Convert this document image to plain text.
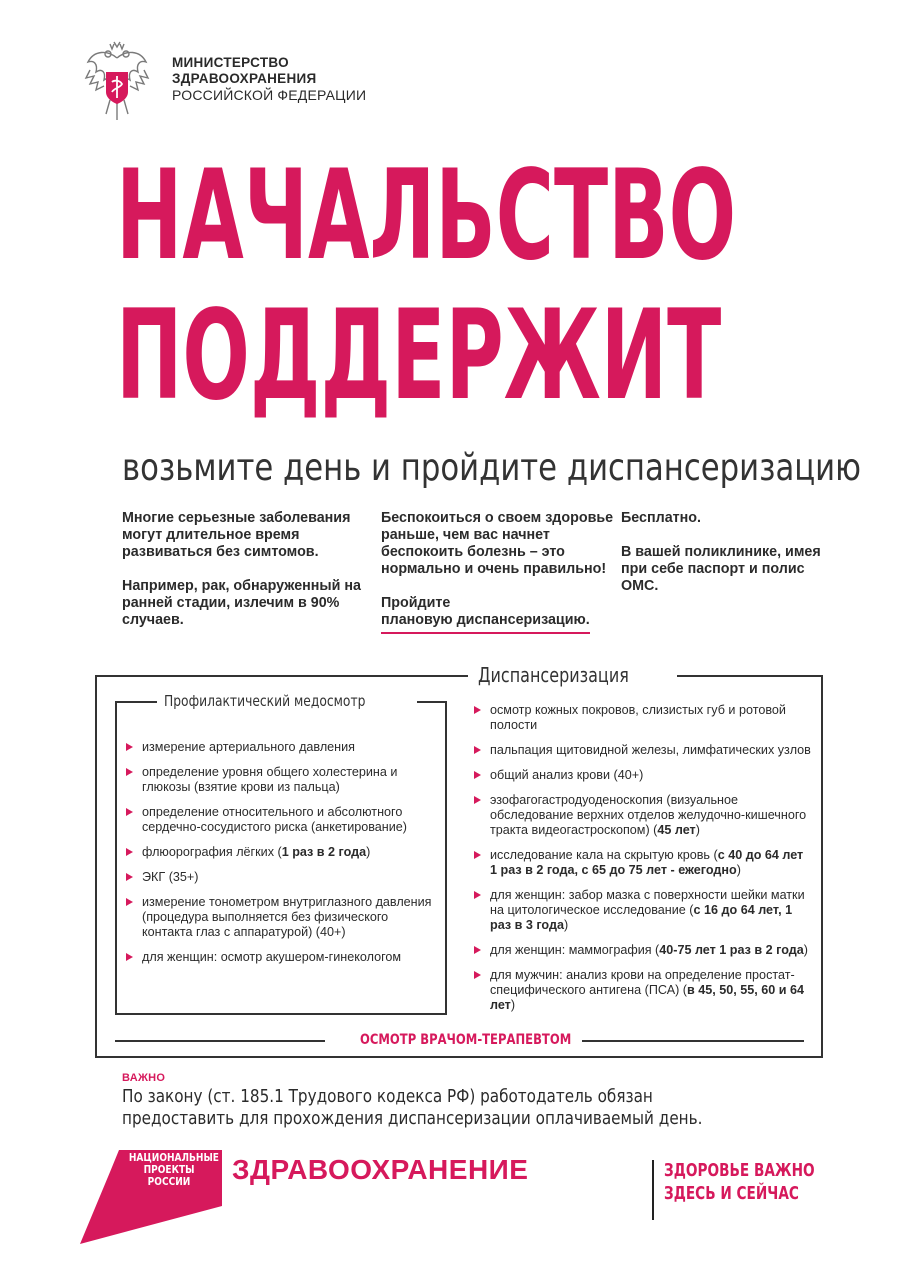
МИНИСТЕРСТВО
ЗДРАВООХРАНЕНИЯ
РОССИЙСКОЙ ФЕДЕРАЦИИ
НАЧАЛЬСТВО
ПОДДЕРЖИТ
возьмите день и пройдите диспансеризацию

Многие серьезные заболевания могут длительное время развиваться без симтомов.

Например, рак, обнаруженный на ранней стадии, излечим в 90% случаев.

Беспокоиться о своем здоровье раньше, чем вас начнет беспокоить болезнь – это нормально и очень правильно!

Пройдите
плановую диспансеризацию.

Бесплатно.

В вашей поликлинике, имея при себе паспорт и полис ОМС.

Диспансеризация
Профилактический медосмотр
измерение артериального давления
определение уровня общего холестерина и глюкозы (взятие крови из пальца)
определение относительного и абсолютного сердечно-сосудистого риска (анкетирование)
флюорография лёгких (1 раз в 2 года)
ЭКГ (35+)
измерение тонометром внутриглазного давления (процедура выполняется без физического контакта глаз с аппаратурой) (40+)
для женщин: осмотр акушером-гинекологом
осмотр кожных покровов, слизистых губ и ротовой полости
пальпация щитовидной железы, лимфатических узлов
общий анализ крови (40+)
эзофагогастродуоденоскопия (визуальное обследование верхних отделов желудочно-кишечного тракта видеогастроскопом) (45 лет)
исследование кала на скрытую кровь (с 40 до 64 лет 1 раз в 2 года, с 65 до 75 лет - ежегодно)
для женщин: забор мазка с поверхности шейки матки на цитологическое исследование (с 16 до 64 лет, 1 раз в 3 года)
для женщин: маммография (40-75 лет 1 раз в 2 года)
для мужчин: анализ крови на определение простат-специфического антигена (ПСА) (в 45, 50, 55, 60 и 64 лет)
ОСМОТР ВРАЧОМ-ТЕРАПЕВТОМ
ВАЖНО
По закону (ст. 185.1 Трудового кодекса РФ) работодатель обязан
предоставить для прохождения диспансеризации оплачиваемый день.
НАЦИОНАЛЬНЫЕ
ПРОЕКТЫ
РОССИИ	ЗДРАВООХРАНЕНИЕ	ЗДОРОВЬЕ ВАЖНО
ЗДЕСЬ И СЕЙЧАС
